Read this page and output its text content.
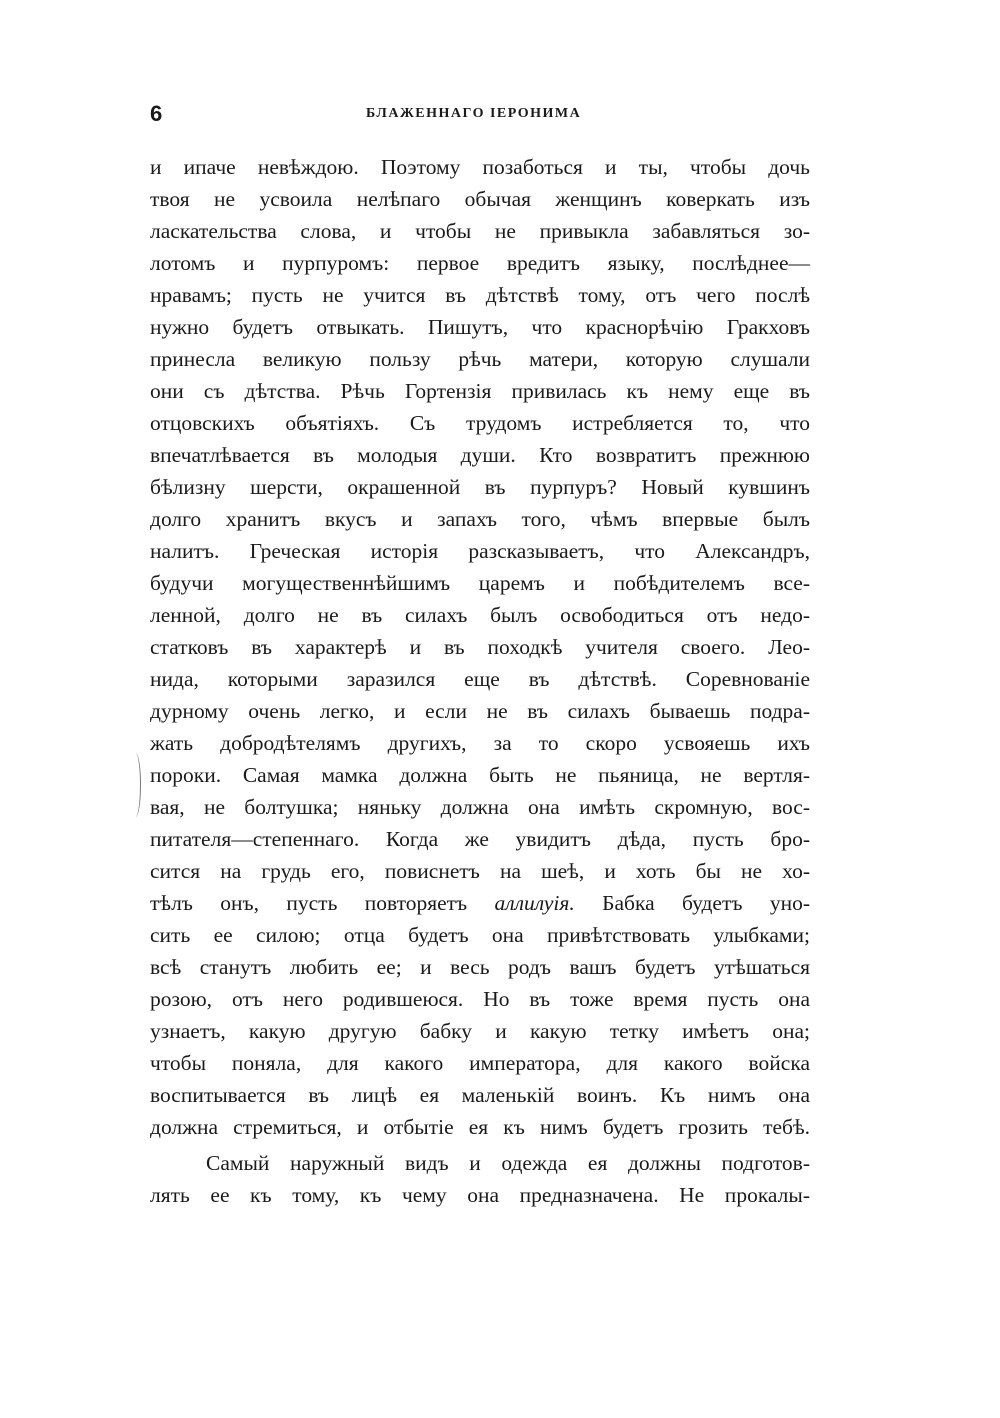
6	БЛАЖЕННАГО ІЕРОНИМА
и ипаче невѣждою. Поэтому позаботься и ты, чтобы дочь
твоя не усвоила нелѣпаго обычая женщинъ коверкать изъ
ласкательства слова, и чтобы не привыкла забавляться зо-
лотомъ и пурпуромъ: первое вредитъ языку, послѣднее—
нравамъ; пусть не учится въ дѣтствѣ тому, отъ чего послѣ
нужно будетъ отвыкать. Пишутъ, что краснорѣчію Гракховъ
принесла великую пользу рѣчь матери, которую слушали
они съ дѣтства. Рѣчь Гортензія привилась къ нему еще въ
отцовскихъ объятіяхъ. Съ трудомъ истребляется то, что
впечатлѣвается въ молодыя души. Кто возвратитъ прежнюю
бѣлизну шерсти, окрашенной въ пурпуръ? Новый кувшинъ
долго хранитъ вкусъ и запахъ того, чѣмъ впервые былъ
налитъ. Греческая исторія разсказываетъ, что Александръ,
будучи могущественнѣйшимъ царемъ и побѣдителемъ все-
ленной, долго не въ силахъ былъ освободиться отъ недо-
статковъ въ характерѣ и въ походкѣ учителя своего. Лео-
нида, которыми заразился еще въ дѣтствѣ. Соревнованіе
дурному очень легко, и если не въ силахъ бываешь подра-
жать добродѣтелямъ другихъ, за то скоро усвояешь ихъ
пороки. Самая мамка должна быть не пьяница, не вертля-
вая, не болтушка; няньку должна она имѣть скромную, вос-
питателя—степеннаго. Когда же увидитъ дѣда, пусть бро-
сится на грудь его, повиснетъ на шеѣ, и хоть бы не хо-
тѣлъ онъ, пусть повторяетъ аллилуія. Бабка будетъ уно-
сить ее силою; отца будетъ она привѣтствовать улыбками;
всѣ станутъ любить ее; и весь родъ вашъ будетъ утѣшаться
розою, отъ него родившеюся. Но въ тоже время пусть она
узнаетъ, какую другую бабку и какую тетку имѣетъ она;
чтобы поняла, для какого императора, для какого войска
воспитывается въ лицѣ ея маленькій воинъ. Къ нимъ она
должна стремиться, и отбытіе ея къ нимъ будетъ грозить тебѣ.
Самый наружный видъ и одежда ея должны подготов-
лять ее къ тому, къ чему она предназначена. Не прокалы-
